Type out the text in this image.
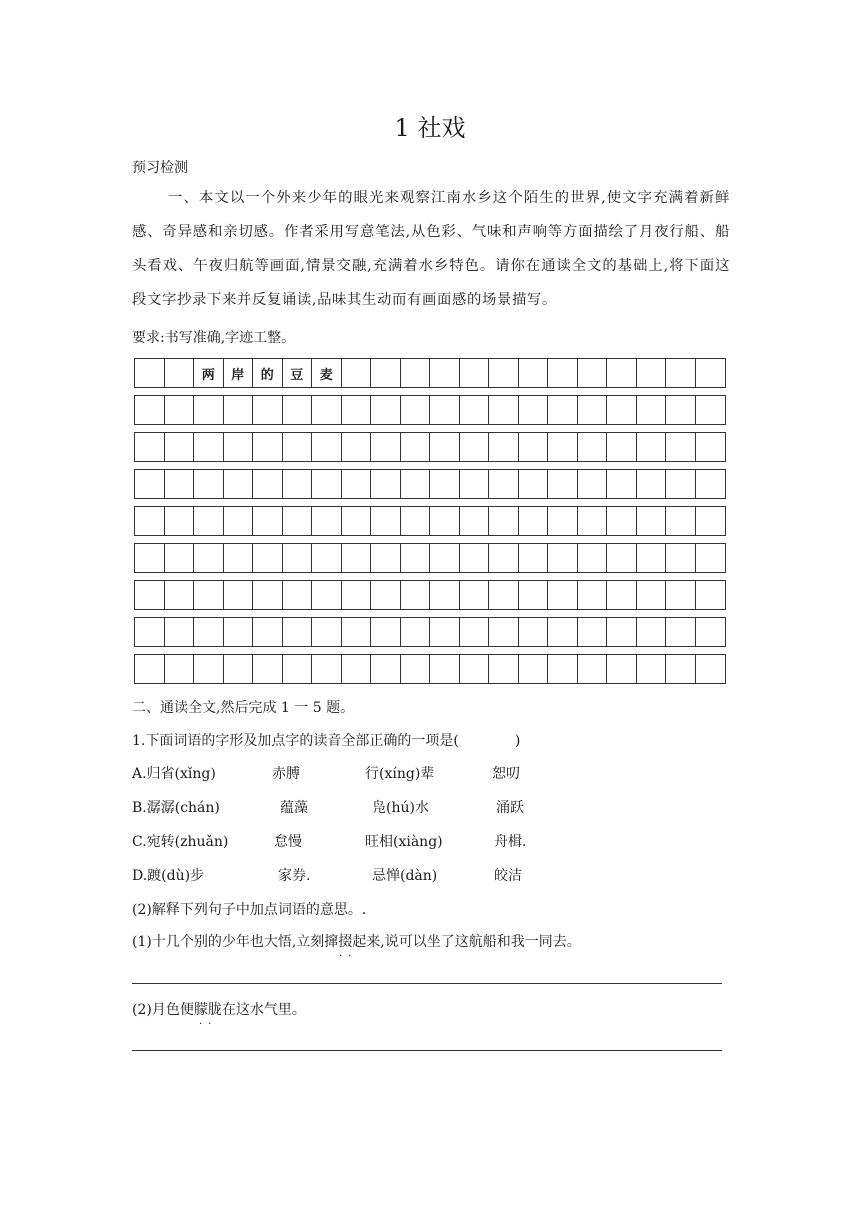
1 社戏
预习检测

一、本文以一个外来少年的眼光来观察江南水乡这个陌生的世界,使文字充满着新鲜感、奇异感和亲切感。作者采用写意笔法,从色彩、气味和声响等方面描绘了月夜行船、船头看戏、午夜归航等画面,情景交融,充满着水乡特色。请你在通读全文的基础上,将下面这段文字抄录下来并反复诵读,品味其生动而有画面感的场景描写。

要求:书写准确,字迹工整。
两	岸	的	豆	麦
二、通读全文,然后完成 1 一 5 题。
1.下面词语的字形及加点字的读音全部正确的一项是(　　　　)
A.归省(xǐng)	赤膊	行(xíng)辈	恕叨
B.潺潺(chán)	蕴藻	凫(hú)水	涌跃
C.宛转(zhuǎn)	怠慢	旺相(xiàng)	舟楫.
D.踱(dù)步	家券.	忌惮(dàn)	皎洁
(2)解释下列句子中加点词语的意思。.
(1)十几个别的少年也大悟,立刻撺掇起来,说可以坐了这航船和我一同去。
··
(2)月色便朦胧在这水气里。
··
